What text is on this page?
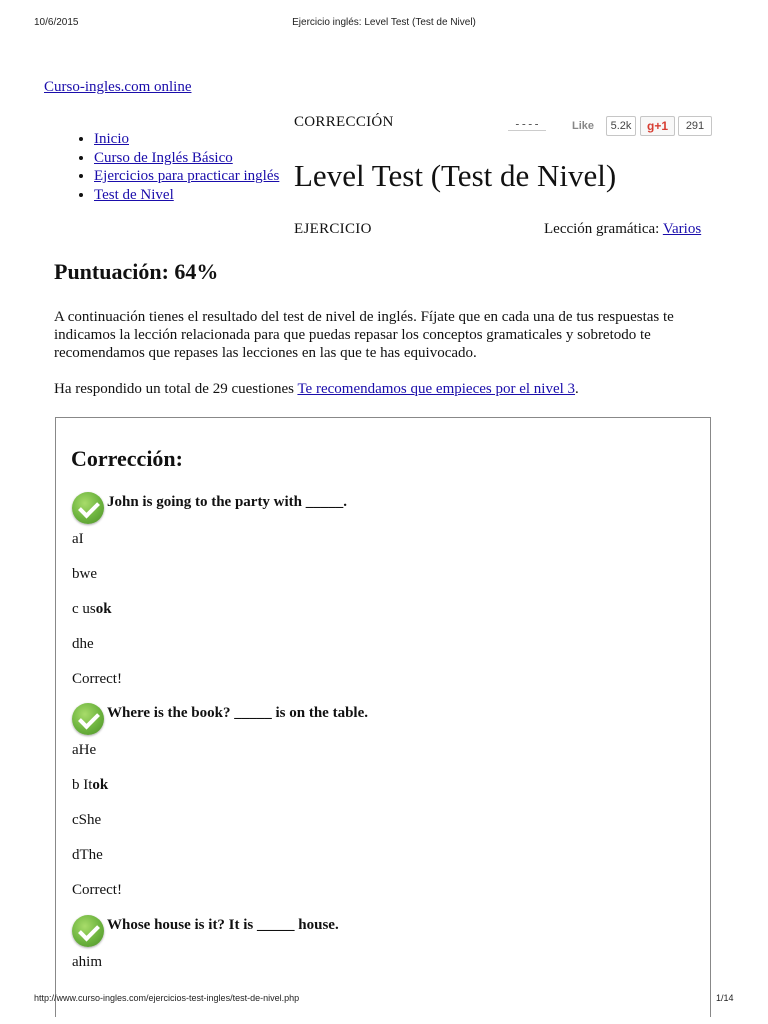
10/6/2015	Ejercicio inglés: Level Test (Test de Nivel)
Curso-ingles.com online
• Inicio
• Curso de Inglés Básico
• Ejercicios para practicar inglés
• Test de Nivel
CORRECCIÓN	- - - -	Like	5.2k	g+1	291
Level Test (Test de Nivel)
EJERCICIO	Lección gramática: Varios
Puntuación: 64%

A continuación tienes el resultado del test de nivel de inglés. Fíjate que en cada una de tus respuestas te indicamos la lección relacionada para que puedas repasar los conceptos gramaticales y sobretodo te recomendamos que repases las lecciones en las que te has equivocado.

Ha respondido un total de 29 cuestiones Te recomendamos que empieces por el nivel 3.

Corrección:
John is going to the party with _____.
aI
bwe
c usok
dhe
Correct!
Where is the book? _____ is on the table.
aHe
b Itok
cShe
dThe
Correct!
Whose house is it? It is _____ house.
ahim
http://www.curso-ingles.com/ejercicios-test-ingles/test-de-nivel.php	1/14
